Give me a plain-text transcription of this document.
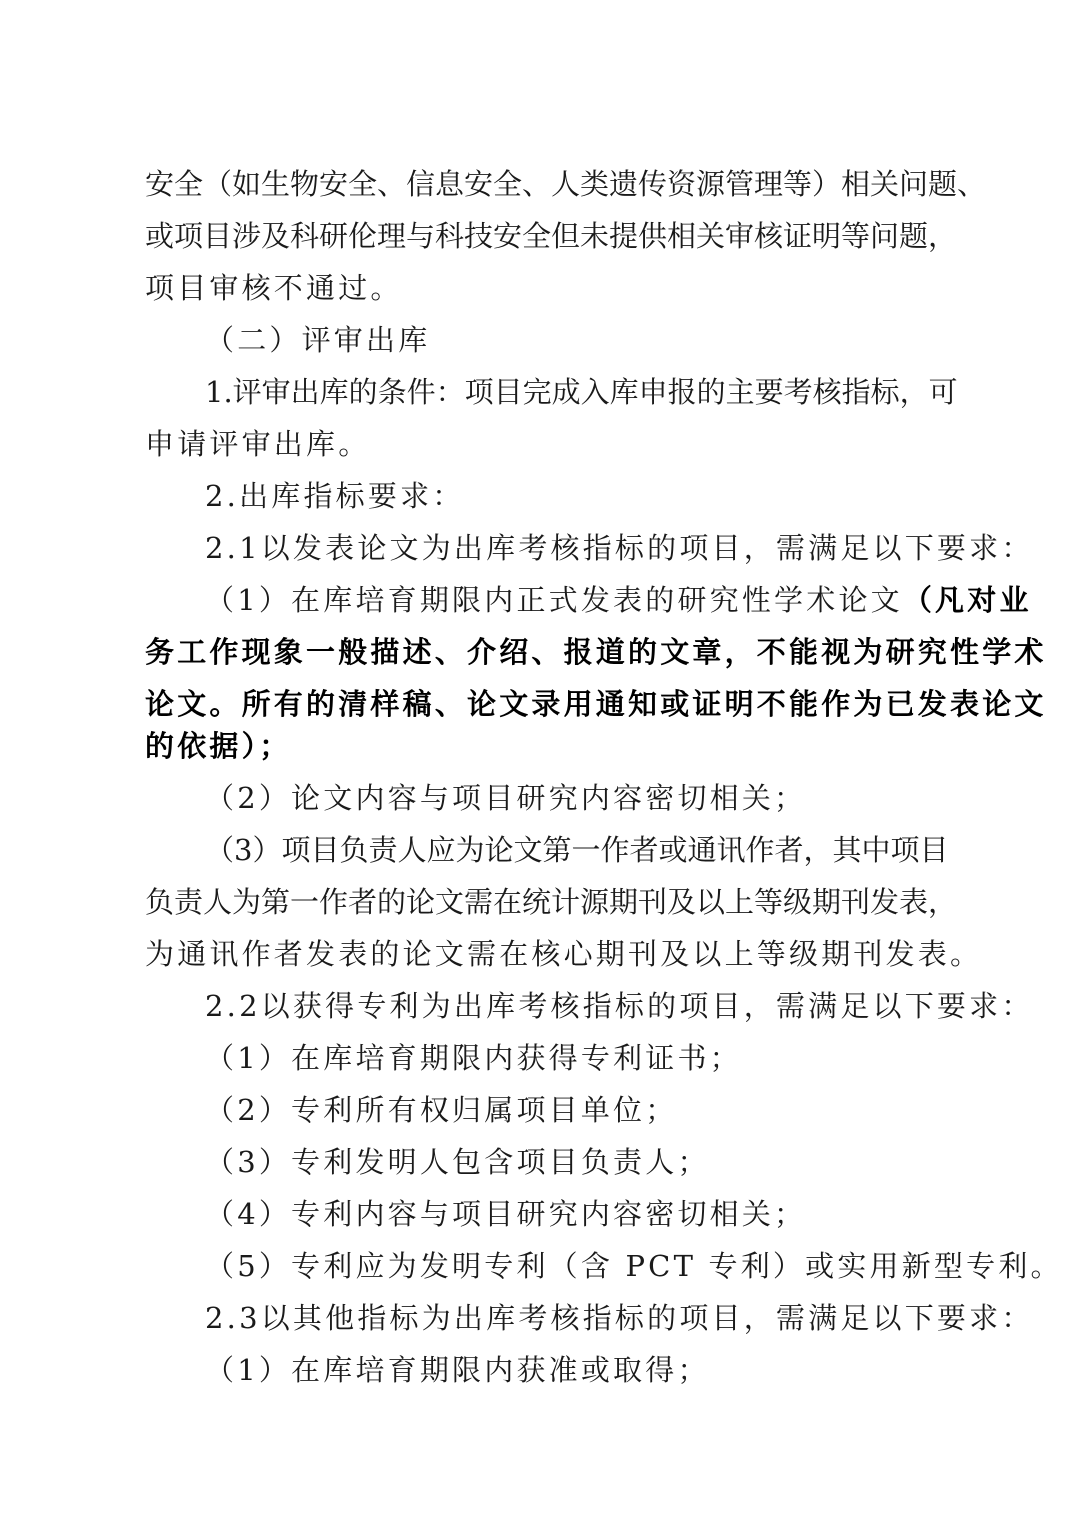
安全（如生物安全、信息安全、人类遗传资源管理等）相关问题、
或项目涉及科研伦理与科技安全但未提供相关审核证明等问题，
项目审核不通过。
（二）评审出库
1.评审出库的条件：项目完成入库申报的主要考核指标，可
申请评审出库。
2.出库指标要求：
2.1以发表论文为出库考核指标的项目，需满足以下要求：
（1）在库培育期限内正式发表的研究性学术论文（凡对业
务工作现象一般描述、介绍、报道的文章，不能视为研究性学术
论文。所有的清样稿、论文录用通知或证明不能作为已发表论文
的依据）；
（2）论文内容与项目研究内容密切相关；
（3）项目负责人应为论文第一作者或通讯作者，其中项目
负责人为第一作者的论文需在统计源期刊及以上等级期刊发表，
为通讯作者发表的论文需在核心期刊及以上等级期刊发表。
2.2以获得专利为出库考核指标的项目，需满足以下要求：
（1）在库培育期限内获得专利证书；
（2）专利所有权归属项目单位；
（3）专利发明人包含项目负责人；
（4）专利内容与项目研究内容密切相关；
（5）专利应为发明专利（含 PCT 专利）或实用新型专利。
2.3以其他指标为出库考核指标的项目，需满足以下要求：
（1）在库培育期限内获准或取得；
